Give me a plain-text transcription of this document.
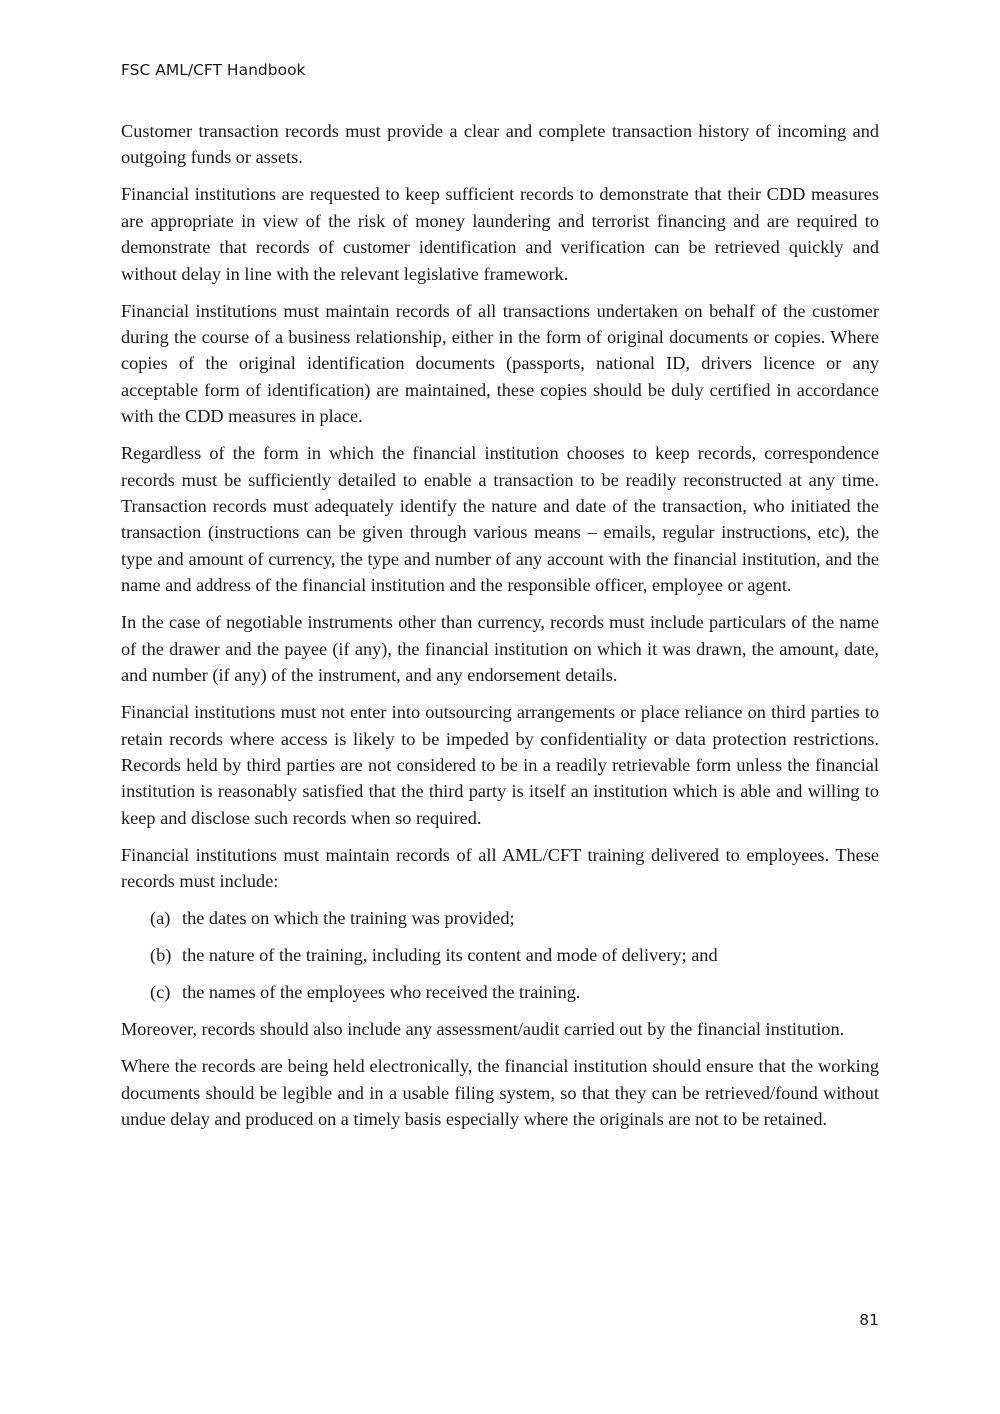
FSC AML/CFT Handbook

Customer transaction records must provide a clear and complete transaction history of incoming and outgoing funds or assets.

Financial institutions are requested to keep sufficient records to demonstrate that their CDD measures are appropriate in view of the risk of money laundering and terrorist financing and are required to demonstrate that records of customer identification and verification can be retrieved quickly and without delay in line with the relevant legislative framework.

Financial institutions must maintain records of all transactions undertaken on behalf of the customer during the course of a business relationship, either in the form of original documents or copies. Where copies of the original identification documents (passports, national ID, drivers licence or any acceptable form of identification) are maintained, these copies should be duly certified in accordance with the CDD measures in place.

Regardless of the form in which the financial institution chooses to keep records, correspondence records must be sufficiently detailed to enable a transaction to be readily reconstructed at any time. Transaction records must adequately identify the nature and date of the transaction, who initiated the transaction (instructions can be given through various means – emails, regular instructions, etc), the type and amount of currency, the type and number of any account with the financial institution, and the name and address of the financial institution and the responsible officer, employee or agent.

In the case of negotiable instruments other than currency, records must include particulars of the name of the drawer and the payee (if any), the financial institution on which it was drawn, the amount, date, and number (if any) of the instrument, and any endorsement details.

Financial institutions must not enter into outsourcing arrangements or place reliance on third parties to retain records where access is likely to be impeded by confidentiality or data protection restrictions. Records held by third parties are not considered to be in a readily retrievable form unless the financial institution is reasonably satisfied that the third party is itself an institution which is able and willing to keep and disclose such records when so required.

Financial institutions must maintain records of all AML/CFT training delivered to employees. These records must include:

(a) the dates on which the training was provided;
(b) the nature of the training, including its content and mode of delivery; and
(c) the names of the employees who received the training.

Moreover, records should also include any assessment/audit carried out by the financial institution.

Where the records are being held electronically, the financial institution should ensure that the working documents should be legible and in a usable filing system, so that they can be retrieved/found without undue delay and produced on a timely basis especially where the originals are not to be retained.

81
